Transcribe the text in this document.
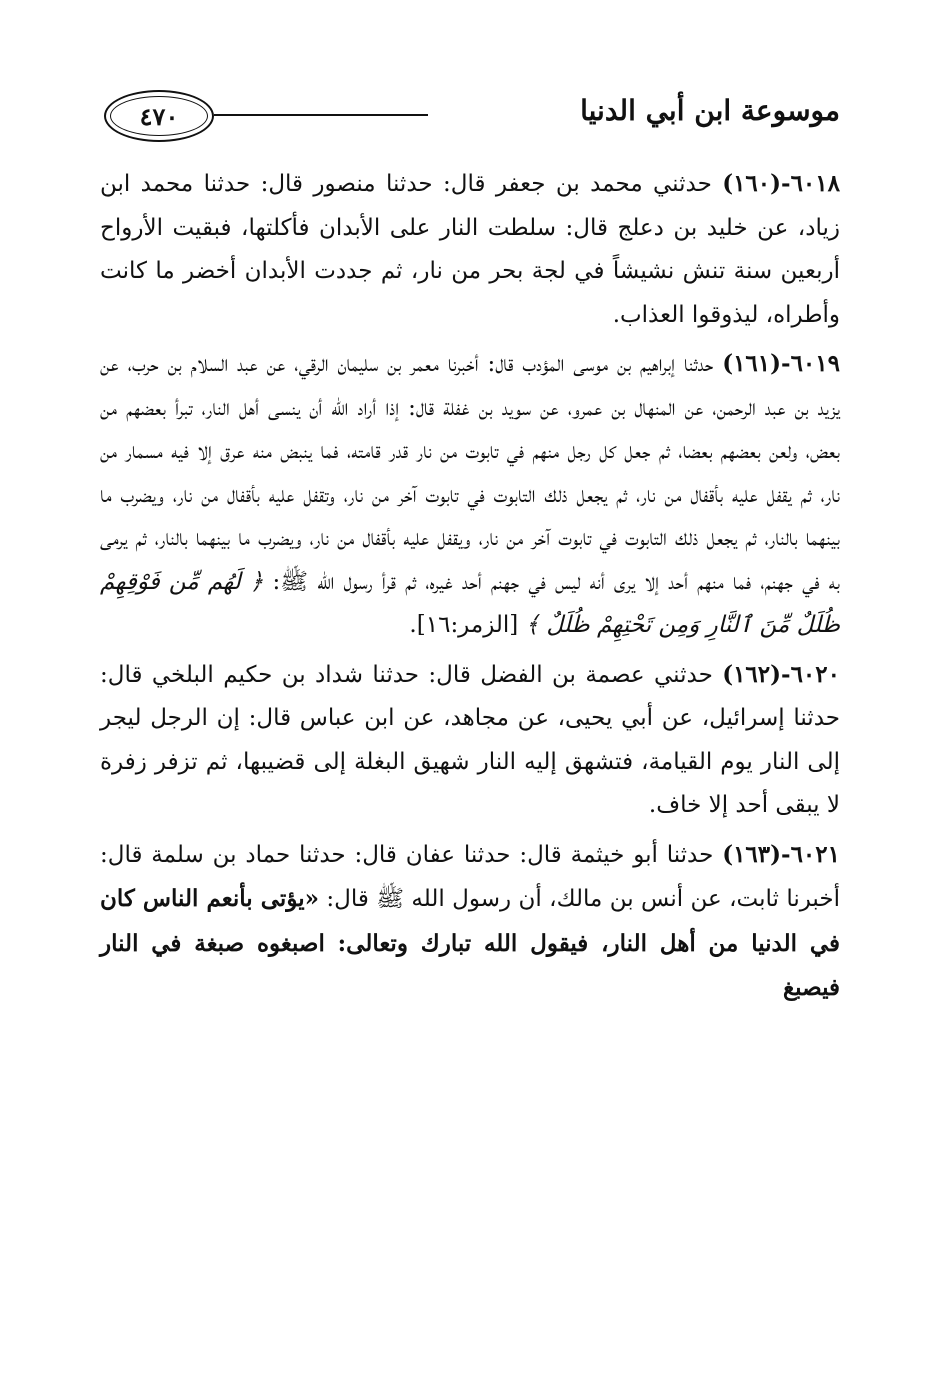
٤٧٠	موسوعة ابن أبي الدنيا

٦٠١٨-(١٦٠) حدثني محمد بن جعفر قال: حدثنا منصور قال: حدثنا محمد ابن زياد، عن خليد بن دعلج قال: سلطت النار على الأبدان فأكلتها، فبقيت الأرواح أربعين سنة تنش نشيشاً في لجة بحر من نار، ثم جددت الأبدان أخضر ما كانت وأطراه، ليذوقوا العذاب.

٦٠١٩-(١٦١) حدثنا إبراهيم بن موسى المؤدب قال: أخبرنا معمر بن سليمان الرقي، عن عبد السلام بن حرب، عن يزيد بن عبد الرحمن، عن المنهال بن عمرو، عن سويد بن غفلة قال: إذا أراد الله أن ينسى أهل النار، تبرأ بعضهم من بعض، ولعن بعضهم بعضا، ثم جعل كل رجل منهم في تابوت من نار قدر قامته، فما ينبض منه عرق إلا فيه مسمار من نار، ثم يقفل عليه بأقفال من نار، ثم يجعل ذلك التابوت في تابوت آخر من نار، وتقفل عليه بأقفال من نار، ويضرب ما بينهما بالنار، ثم يجعل ذلك التابوت في تابوت آخر من نار، ويقفل عليه بأقفال من نار، ويضرب ما بينهما بالنار، ثم يرمى به في جهنم، فما منهم أحد إلا يرى أنه ليس في جهنم أحد غيره، ثم قرأ رسول الله ﷺ: ﴿ لَهُم مِّن فَوْقِهِمْ ظُلَلٌ مِّنَ ٱلنَّارِ وَمِن تَحْتِهِمْ ظُلَلٌ ﴾ [الزمر:١٦].

٦٠٢٠-(١٦٢) حدثني عصمة بن الفضل قال: حدثنا شداد بن حكيم البلخي قال: حدثنا إسرائيل، عن أبي يحيى، عن مجاهد، عن ابن عباس قال: إن الرجل ليجر إلى النار يوم القيامة، فتشهق إليه النار شهيق البغلة إلى قضيبها، ثم تزفر زفرة لا يبقى أحد إلا خاف.

٦٠٢١-(١٦٣) حدثنا أبو خيثمة قال: حدثنا عفان قال: حدثنا حماد بن سلمة قال: أخبرنا ثابت، عن أنس بن مالك، أن رسول الله ﷺ قال: «يؤتى بأنعم الناس كان في الدنيا من أهل النار، فيقول الله تبارك وتعالى: اصبغوه صبغة في النار فيصبغ
